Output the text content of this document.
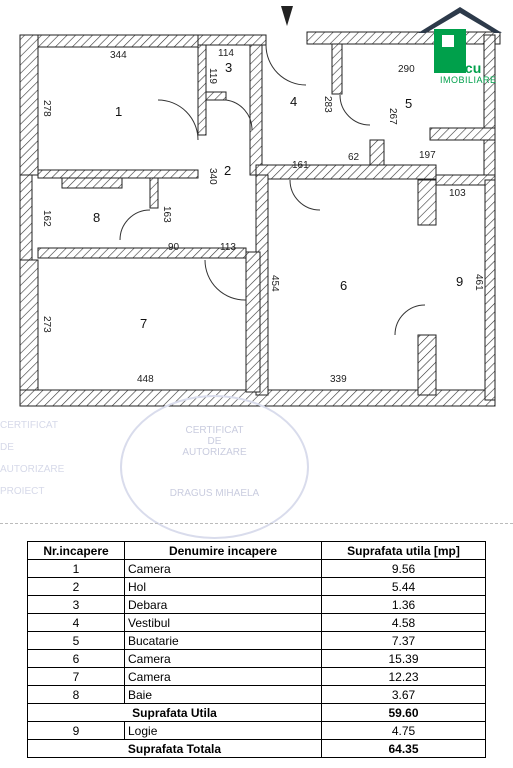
1
2
3
4	5
6
7
8
9
344	114
119
278
290
283
267
340
161
62	197
103
162	163
90	113
454	461
273
448	339
Pascu
IMOBILIARE
CERTIFICAT
DE
AUTORIZARE
PROIECT
CERTIFICAT
DE
AUTORIZARE
DRAGUS MIHAELA
Nr.incapere	Denumire incapere	Suprafata utila [mp]
1	Camera	9.56
2	Hol	5.44
3	Debara	1.36
4	Vestibul	4.58
5	Bucatarie	7.37
6	Camera	15.39
7	Camera	12.23
8	Baie	3.67
Suprafata Utila		59.60
9	Logie	4.75
Suprafata Totala		64.35
